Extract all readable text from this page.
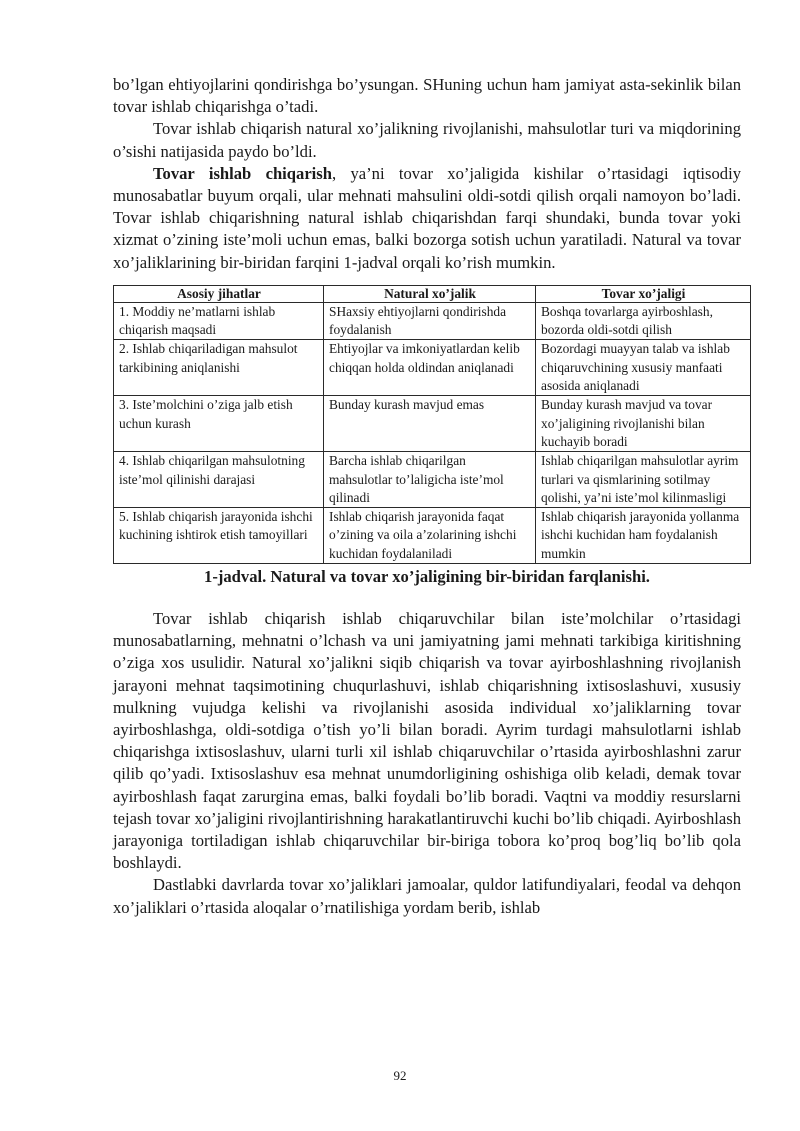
bo’lgan ehtiyojlarini qondirishga bo’ysungan. SHuning uchun ham jamiyat asta-sekinlik bilan tovar ishlab chiqarishga o’tadi.

Tovar ishlab chiqarish natural xo’jalikning rivojlanishi, mahsulotlar turi va miqdorining o’sishi natijasida paydo bo’ldi.

Tovar ishlab chiqarish, ya’ni tovar xo’jaligida kishilar o’rtasidagi iqtisodiy munosabatlar buyum orqali, ular mehnati mahsulini oldi-sotdi qilish orqali namoyon bo’ladi. Tovar ishlab chiqarishning natural ishlab chiqarishdan farqi shundaki, bunda tovar yoki xizmat o’zining iste’moli uchun emas, balki bozorga sotish uchun yaratiladi. Natural va tovar xo’jaliklarining bir-biridan farqini 1-jadval orqali ko’rish mumkin.

Asosiy jihatlar	Natural xo’jalik	Tovar xo’jaligi
1. Moddiy ne’matlarni ishlab chiqarish maqsadi	SHaxsiy ehtiyojlarni qondirishda foydalanish	Boshqa tovarlarga ayirboshlash, bozorda oldi-sotdi qilish
2. Ishlab chiqariladigan mahsulot tarkibining aniqlanishi	Ehtiyojlar va imkoniyatlardan kelib chiqqan holda oldindan aniqlanadi	Bozordagi muayyan talab va ishlab chiqaruvchining xususiy manfaati asosida aniqlanadi
3. Iste’molchini o’ziga jalb etish uchun kurash	Bunday kurash mavjud emas	Bunday kurash mavjud va tovar xo’jaligining rivojlanishi bilan kuchayib boradi
4. Ishlab chiqarilgan mahsulotning iste’mol qilinishi darajasi	Barcha ishlab chiqarilgan mahsulotlar to’laligicha iste’mol qilinadi	Ishlab chiqarilgan mahsulotlar ayrim turlari va qismlarining sotilmay qolishi, ya’ni iste’mol kilinmasligi
5. Ishlab chiqarish jarayonida ishchi kuchining ishtirok etish tamoyillari	Ishlab chiqarish jarayonida faqat o’zining va oila a’zolarining ishchi kuchidan foydalaniladi	Ishlab chiqarish jarayonida yollanma ishchi kuchidan ham foydalanish mumkin
1-jadval. Natural va tovar xo’jaligining bir-biridan farqlanishi.

Tovar ishlab chiqarish ishlab chiqaruvchilar bilan iste’molchilar o’rtasidagi munosabatlarning, mehnatni o’lchash va uni jamiyatning jami mehnati tarkibiga kiritishning o’ziga xos usulidir. Natural xo’jalikni siqib chiqarish va tovar ayirboshlashning rivojlanish jarayoni mehnat taqsimotining chuqurlashuvi, ishlab chiqarishning ixtisoslashuvi, xususiy mulkning vujudga kelishi va rivojlanishi asosida individual xo’jaliklarning tovar ayirboshlashga, oldi-sotdiga o’tish yo’li bilan boradi. Ayrim turdagi mahsulotlarni ishlab chiqarishga ixtisoslashuv, ularni turli xil ishlab chiqaruvchilar o’rtasida ayirboshlashni zarur qilib qo’yadi. Ixtisoslashuv esa mehnat unumdorligining oshishiga olib keladi, demak tovar ayirboshlash faqat zarurgina emas, balki foydali bo’lib boradi. Vaqtni va moddiy resurslarni tejash tovar xo’jaligini rivojlantirishning harakatlantiruvchi kuchi bo’lib chiqadi. Ayirboshlash jarayoniga tortiladigan ishlab chiqaruvchilar bir-biriga tobora ko’proq bog’liq bo’lib qola boshlaydi.

Dastlabki davrlarda tovar xo’jaliklari jamoalar, quldor latifundiyalari, feodal va dehqon xo’jaliklari o’rtasida aloqalar o’rnatilishiga yordam berib, ishlab

92
